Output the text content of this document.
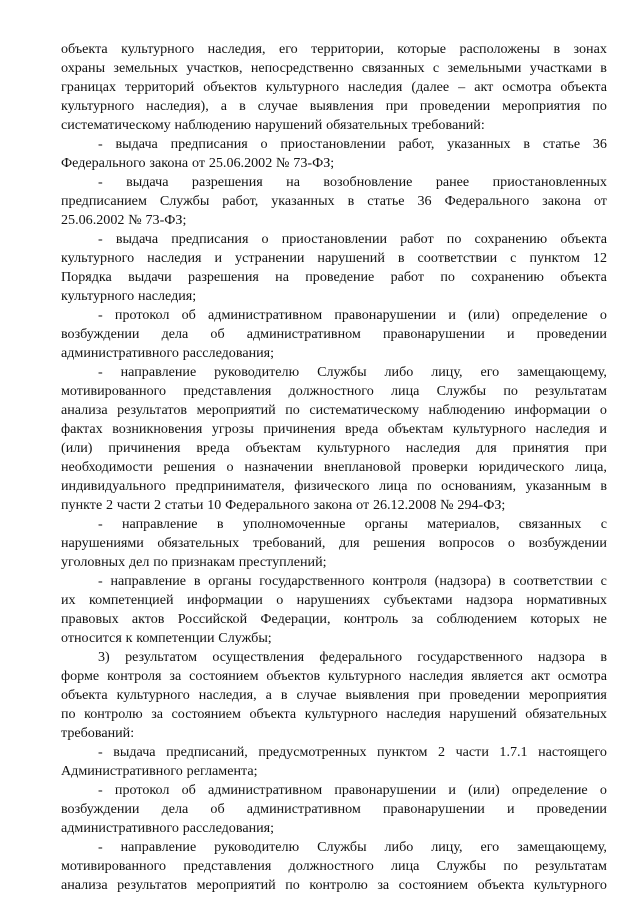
объекта культурного наследия, его территории, которые расположены в зонах
охраны земельных участков, непосредственно связанных с земельными участками в
границах территорий объектов культурного наследия (далее – акт осмотра объекта
культурного наследия), а в случае выявления при проведении мероприятия по
систематическому наблюдению нарушений обязательных требований:
- выдача предписания о приостановлении работ, указанных в статье 36
Федерального закона от 25.06.2002 № 73-ФЗ;
- выдача разрешения на возобновление ранее приостановленных
предписанием Службы работ, указанных в статье 36 Федерального закона от
25.06.2002 № 73-ФЗ;
- выдача предписания о приостановлении работ по сохранению объекта
культурного наследия и устранении нарушений в соответствии с пунктом 12
Порядка выдачи разрешения на проведение работ по сохранению объекта
культурного наследия;
- протокол об административном правонарушении и (или) определение о
возбуждении дела об административном правонарушении и проведении
административного расследования;
- направление руководителю Службы либо лицу, его замещающему,
мотивированного представления должностного лица Службы по результатам
анализа результатов мероприятий по систематическому наблюдению информации о
фактах возникновения угрозы причинения вреда объектам культурного наследия и
(или) причинения вреда объектам культурного наследия для принятия при
необходимости решения о назначении внеплановой проверки юридического лица,
индивидуального предпринимателя, физического лица по основаниям, указанным в
пункте 2 части 2 статьи 10 Федерального закона от 26.12.2008 № 294-ФЗ;
- направление в уполномоченные органы материалов, связанных с
нарушениями обязательных требований, для решения вопросов о возбуждении
уголовных дел по признакам преступлений;
- направление в органы государственного контроля (надзора) в соответствии с
их компетенцией информации о нарушениях субъектами надзора нормативных
правовых актов Российской Федерации, контроль за соблюдением которых не
относится к компетенции Службы;
3) результатом осуществления федерального государственного надзора в
форме контроля за состоянием объектов культурного наследия является акт осмотра
объекта культурного наследия, а в случае выявления при проведении мероприятия
по контролю за состоянием объекта культурного наследия нарушений обязательных
требований:
- выдача предписаний, предусмотренных пунктом 2 части 1.7.1 настоящего
Административного регламента;
- протокол об административном правонарушении и (или) определение о
возбуждении дела об административном правонарушении и проведении
административного расследования;
- направление руководителю Службы либо лицу, его замещающему,
мотивированного представления должностного лица Службы по результатам
анализа результатов мероприятий по контролю за состоянием объекта культурного
